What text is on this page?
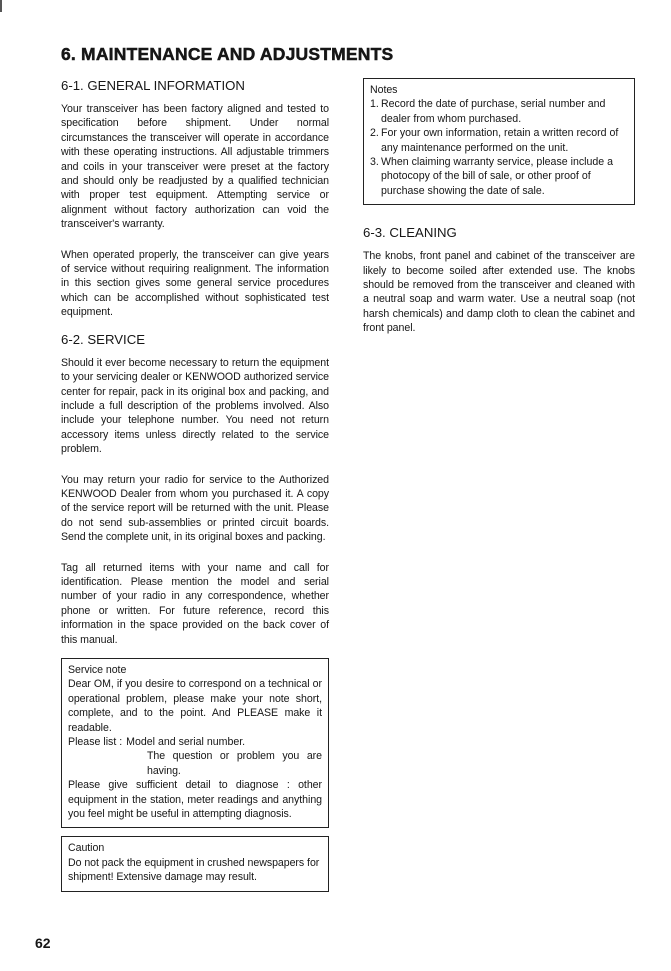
6. MAINTENANCE AND ADJUSTMENTS
6-1. GENERAL INFORMATION

Your transceiver has been factory aligned and tested to specification before shipment. Under normal circumstances the transceiver will operate in accordance with these operating instructions. All adjustable trimmers and coils in your transceiver were preset at the factory and should only be readjusted by a qualified technician with proper test equipment. Attempting service or alignment without factory authorization can void the transceiver's warranty.

When operated properly, the transceiver can give years of service without requiring realignment. The information in this section gives some general service procedures which can be accomplished without sophisticated test equipment.

6-2. SERVICE

Should it ever become necessary to return the equipment to your servicing dealer or KENWOOD authorized service center for repair, pack in its original box and packing, and include a full description of the problems involved. Also include your telephone number. You need not return accessory items unless directly related to the service problem.

You may return your radio for service to the Authorized KENWOOD Dealer from whom you purchased it. A copy of the service report will be returned with the unit. Please do not send sub-assemblies or printed circuit boards. Send the complete unit, in its original boxes and packing.

Tag all returned items with your name and call for identification. Please mention the model and serial number of your radio in any correspondence, whether phone or written. For future reference, record this information in the space provided on the back cover of this manual.

Service note

Dear OM, if you desire to correspond on a technical or operational problem, please make your note short, complete, and to the point. And PLEASE make it readable.

Please list : Model and serial number.

The question or problem you are having.

Please give sufficient detail to diagnose : other equipment in the station, meter readings and anything you feel might be useful in attempting diagnosis.

Caution

Do not pack the equipment in crushed newspapers for shipment! Extensive damage may result.

Notes

1. Record the date of purchase, serial number and dealer from whom purchased.
2. For your own information, retain a written record of any maintenance performed on the unit.
3. When claiming warranty service, please include a photocopy of the bill of sale, or other proof of purchase showing the date of sale.
6-3. CLEANING

The knobs, front panel and cabinet of the transceiver are likely to become soiled after extended use. The knobs should be removed from the transceiver and cleaned with a neutral soap and warm water. Use a neutral soap (not harsh chemicals) and damp cloth to clean the cabinet and front panel.

62
